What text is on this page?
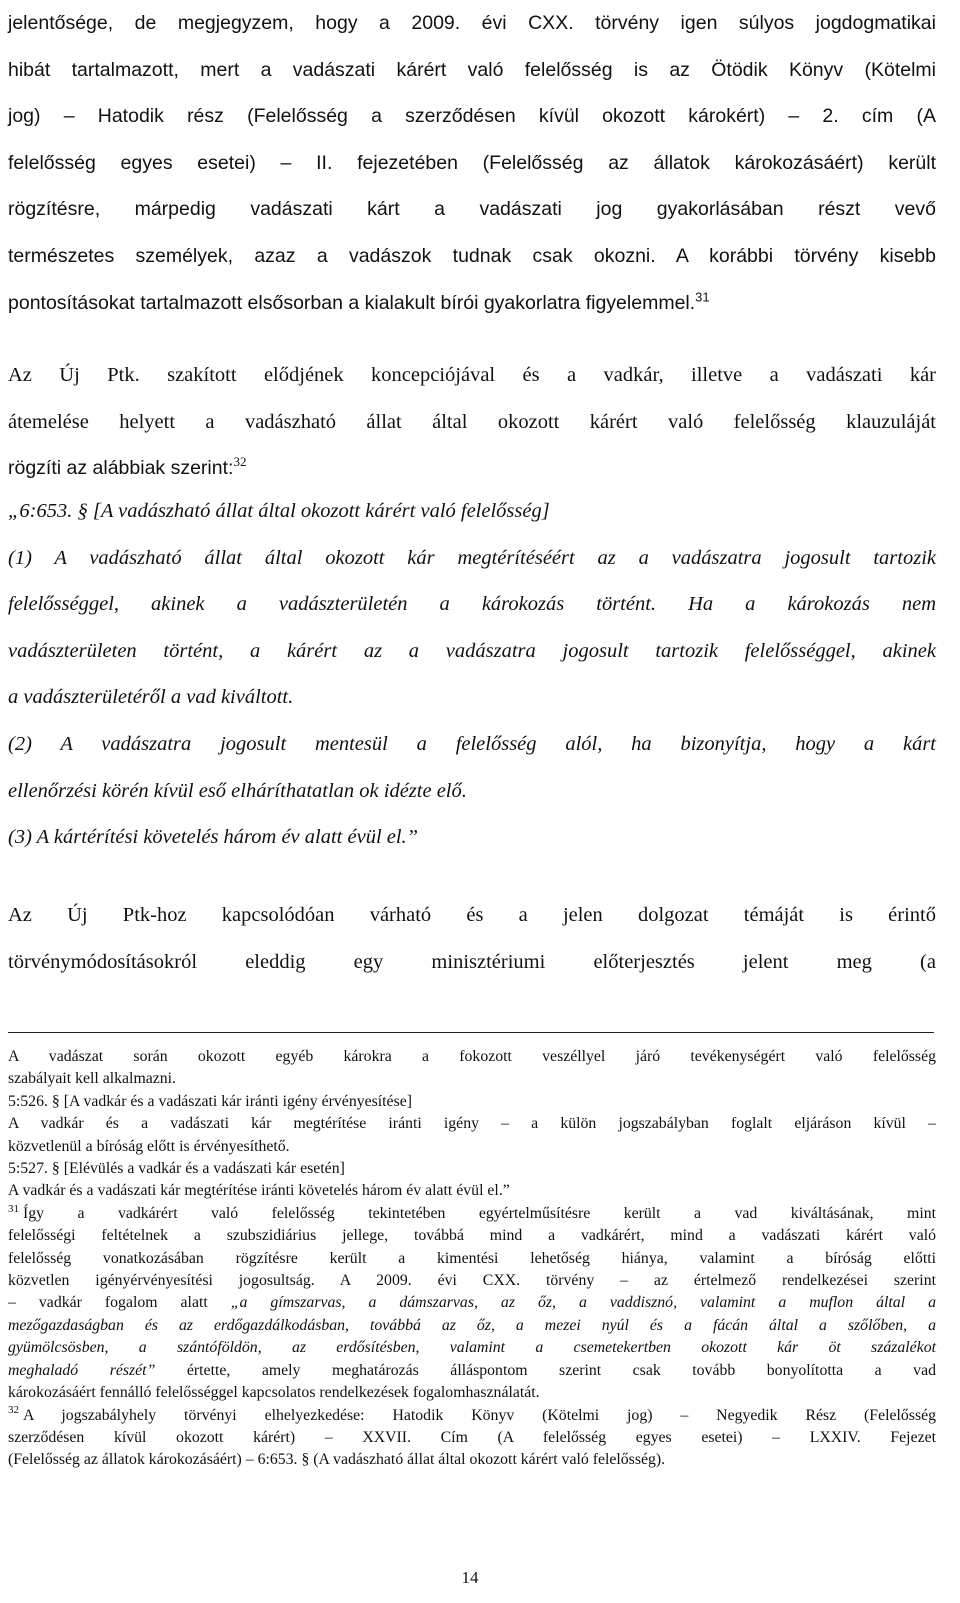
jelentősége, de megjegyzem, hogy a 2009. évi CXX. törvény igen súlyos jogdogmatikai
hibát tartalmazott, mert a vadászati kárért való felelősség is az Ötödik Könyv (Kötelmi
jog) – Hatodik rész (Felelősség a szerződésen kívül okozott károkért) – 2. cím (A
felelősség egyes esetei) – II. fejezetében (Felelősség az állatok károkozásáért) került
rögzítésre, márpedig vadászati kárt a vadászati jog gyakorlásában részt vevő
természetes személyek, azaz a vadászok tudnak csak okozni. A korábbi törvény kisebb
pontosításokat tartalmazott elsősorban a kialakult bírói gyakorlatra figyelemmel.$^{31}$

Az Új Ptk. szakított elődjének koncepciójával és a vadkár, illetve a vadászati kár
átemelése helyett a vadászható állat által okozott kárért való felelősség klauzuláját
rögzíti az alábbiak szerint:$^{32}$

„6:653. § [A vadászható állat által okozott kárért való felelősség]
(1) A vadászható állat által okozott kár megtérítéséért az a vadászatra jogosult tartozik
felelősséggel, akinek a vadászterületén a károkozás történt. Ha a károkozás nem
vadászterületen történt, a kárért az a vadászatra jogosult tartozik felelősséggel, akinek
a vadászterületéről a vad kiváltott.
(2) A vadászatra jogosult mentesül a felelősség alól, ha bizonyítja, hogy a kárt
ellenőrzési körén kívül eső elháríthatatlan ok idézte elő.
(3) A kártérítési követelés három év alatt évül el.”

Az Új Ptk-hoz kapcsolódóan várható és a jelen dolgozat témáját is érintő
törvénymódosításokról eleddig egy minisztériumi előterjesztés jelent meg (a

A vadászat során okozott egyéb károkra a fokozott veszéllyel járó tevékenységért való felelősség
szabályait kell alkalmazni.
5:526. § [A vadkár és a vadászati kár iránti igény érvényesítése]
A vadkár és a vadászati kár megtérítése iránti igény – a külön jogszabályban foglalt eljáráson kívül –
közvetlenül a bíróság előtt is érvényesíthető.
5:527. § [Elévülés a vadkár és a vadászati kár esetén]
A vadkár és a vadászati kár megtérítése iránti követelés három év alatt évül el.”
$^{31}$ Így a vadkárért való felelősség tekintetében egyértelműsítésre került a vad kiváltásának, mint
felelősségi feltételnek a szubszidiárius jellege, továbbá mind a vadkárért, mind a vadászati kárért való
felelősség vonatkozásában rögzítésre került a kimentési lehetőség hiánya, valamint a bíróság előtti
közvetlen igényérvényesítési jogosultság. A 2009. évi CXX. törvény – az értelmező rendelkezései szerint
– vadkár fogalom alatt „a gímszarvas, a dámszarvas, az őz, a vaddisznó, valamint a muflon által a
mezőgazdaságban és az erdőgazdálkodásban, továbbá az őz, a mezei nyúl és a fácán által a szőlőben, a
gyümölcsösben, a szántóföldön, az erdősítésben, valamint a csemetekertben okozott kár öt százalékot
meghaladó részét” értette, amely meghatározás álláspontom szerint csak tovább bonyolította a vad
károkozásáért fennálló felelősséggel kapcsolatos rendelkezések fogalomhasználatát.
$^{32}$ A jogszabályhely törvényi elhelyezkedése: Hatodik Könyv (Kötelmi jog) – Negyedik Rész (Felelősség
szerződésen kívül okozott kárért) – XXVII. Cím (A felelősség egyes esetei) – LXXIV. Fejezet
(Felelősség az állatok károkozásáért) – 6:653. § (A vadászható állat által okozott kárért való felelősség).
14
